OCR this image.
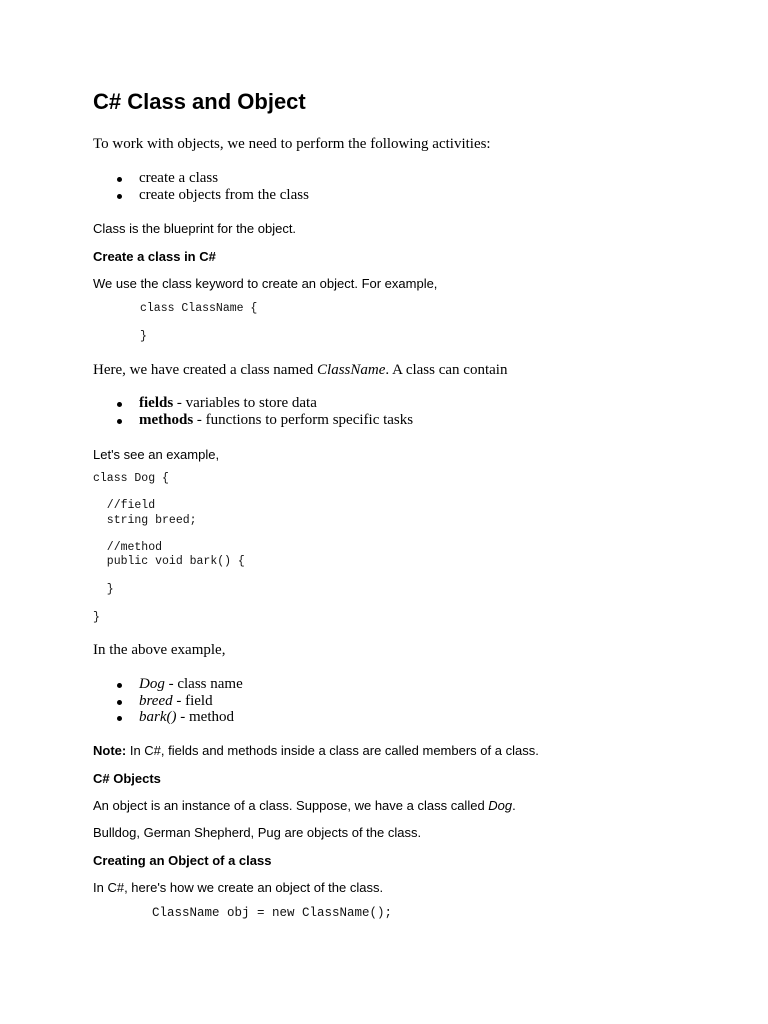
C# Class and Object
To work with objects, we need to perform the following activities:
create a class
create objects from the class
Class is the blueprint for the object.
Create a class in C#
We use the class keyword to create an object. For example,
class ClassName {
}
Here, we have created a class named ClassName. A class can contain
fields - variables to store data
methods - functions to perform specific tasks
Let's see an example,
class Dog {
//field
string breed;
//method
public void bark() {
}
}
In the above example,
Dog - class name
breed - field
bark() - method
Note: In C#, fields and methods inside a class are called members of a class.
C# Objects
An object is an instance of a class. Suppose, we have a class called Dog.
Bulldog, German Shepherd, Pug are objects of the class.
Creating an Object of a class
In C#, here's how we create an object of the class.
ClassName obj = new ClassName();
